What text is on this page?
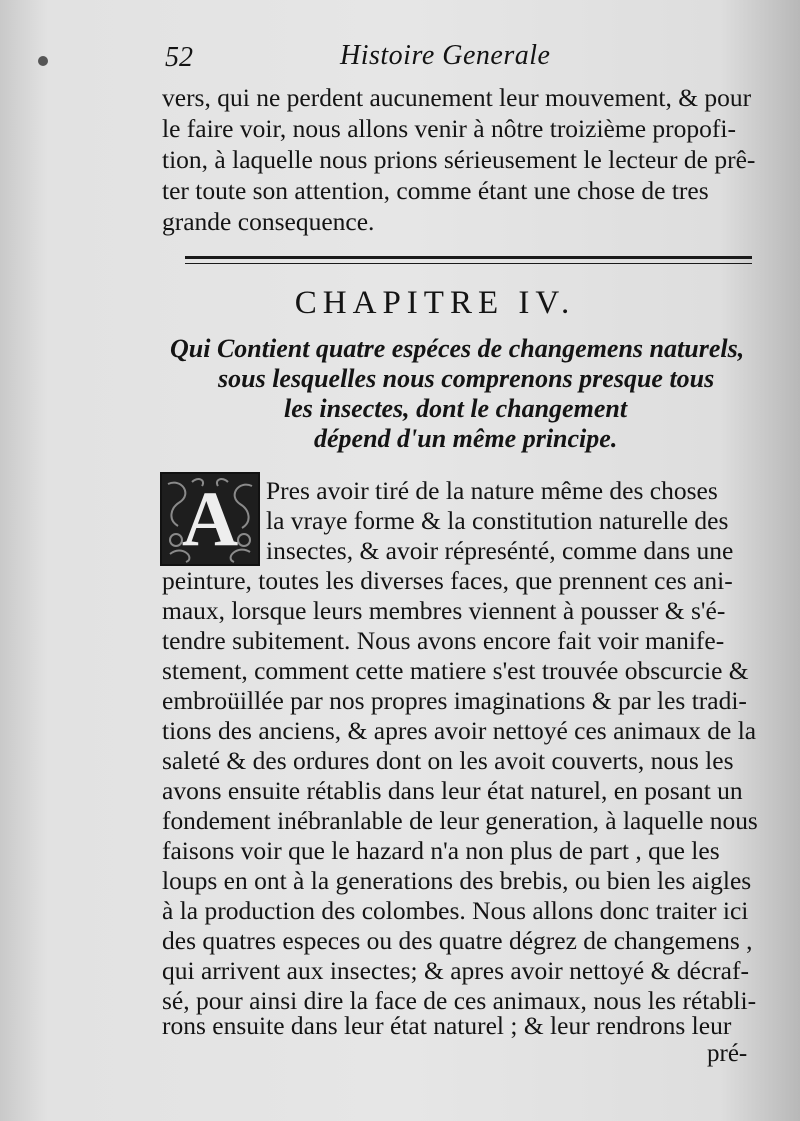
52	Histoire Generale
vers, qui ne perdent aucunement leur mouvement, & pour
le faire voir, nous allons venir à nôtre troizième propofi-
tion, à laquelle nous prions sérieusement le lecteur de prê-
ter toute son attention, comme étant une chose de tres
grande consequence.
CHAPITRE IV.
Qui Contient quatre espéces de changemens naturels,
sous lesquelles nous comprenons presque tous
les insectes, dont le changement
dépend d'un même principe.
A Pres avoir tiré de la nature même des choses
la vraye forme & la constitution naturelle des
insectes, & avoir répresénté, comme dans une
peinture, toutes les diverses faces, que prennent ces ani-
maux, lorsque leurs membres viennent à pousser & s'é-
tendre subitement. Nous avons encore fait voir manife-
stement, comment cette matiere s'est trouvée obscurcie &
embroüillée par nos propres imaginations & par les tradi-
tions des anciens, & apres avoir nettoyé ces animaux de la
saleté & des ordures dont on les avoit couverts, nous les
avons ensuite rétablis dans leur état naturel, en posant un
fondement inébranlable de leur generation, à laquelle nous
faisons voir que le hazard n'a non plus de part , que les
loups en ont à la generations des brebis, ou bien les aigles
à la production des colombes. Nous allons donc traiter ici
des quatres especes ou des quatre dégrez de changemens ,
qui arrivent aux insectes; & apres avoir nettoyé & décraf-
sé, pour ainsi dire la face de ces animaux, nous les rétabli-
rons ensuite dans leur état naturel ; & leur rendrons leur
pré-
